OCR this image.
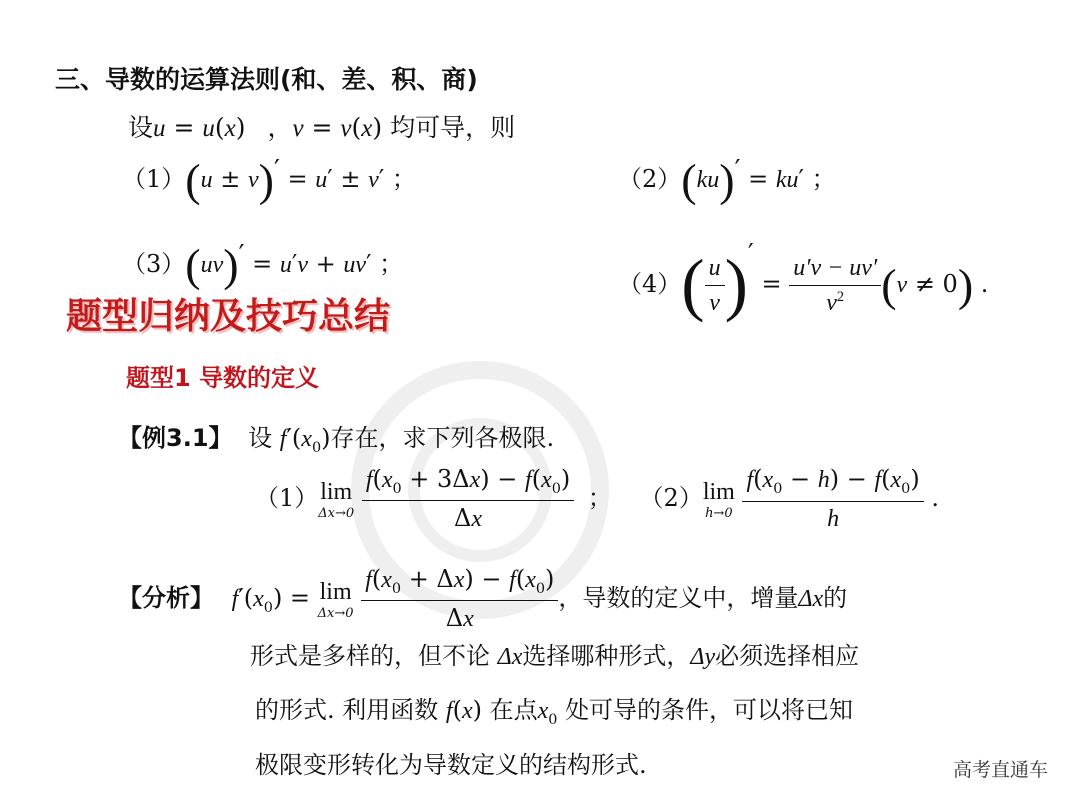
三、导数的运算法则(和、差、积、商)
设u = u(x) ，v = v(x) 均可导，则
（1）(u ± v)′ = u′ ± v′ ；	（2）(ku)′ = ku′ ；
（3）(uv)′ = u′v + uv′ ；
$(4)( \frac{u}{v} )' = \frac{u'v - uv'}{v^2} (v \ne 0)$ .
题型归纳及技巧总结
题型1 导数的定义
【例3.1】 设 $f'(x_0)$存在，求下列各极限.
（1） lim
Δx→0
$\frac{f(x_0 + 3\Delta x) - f(x_0)}{\Delta x}$ ； （2） lim
h→0
$\frac{f(x_0 - h) - f(x_0)}{h}$ .
【分析】 $f'(x_0) = \lim$
Δx→0
$\frac{f(x_0 + \Delta x) - f(x_0)}{\Delta x}$ ，导数的定义中，增量Δx的
形式是多样的，但不论 Δx选择哪种形式，Δy必须选择相应
的形式. 利用函数 f(x) 在点$x_0$ 处可导的条件，可以将已知
极限变形转化为导数定义的结构形式.	高考直通车
